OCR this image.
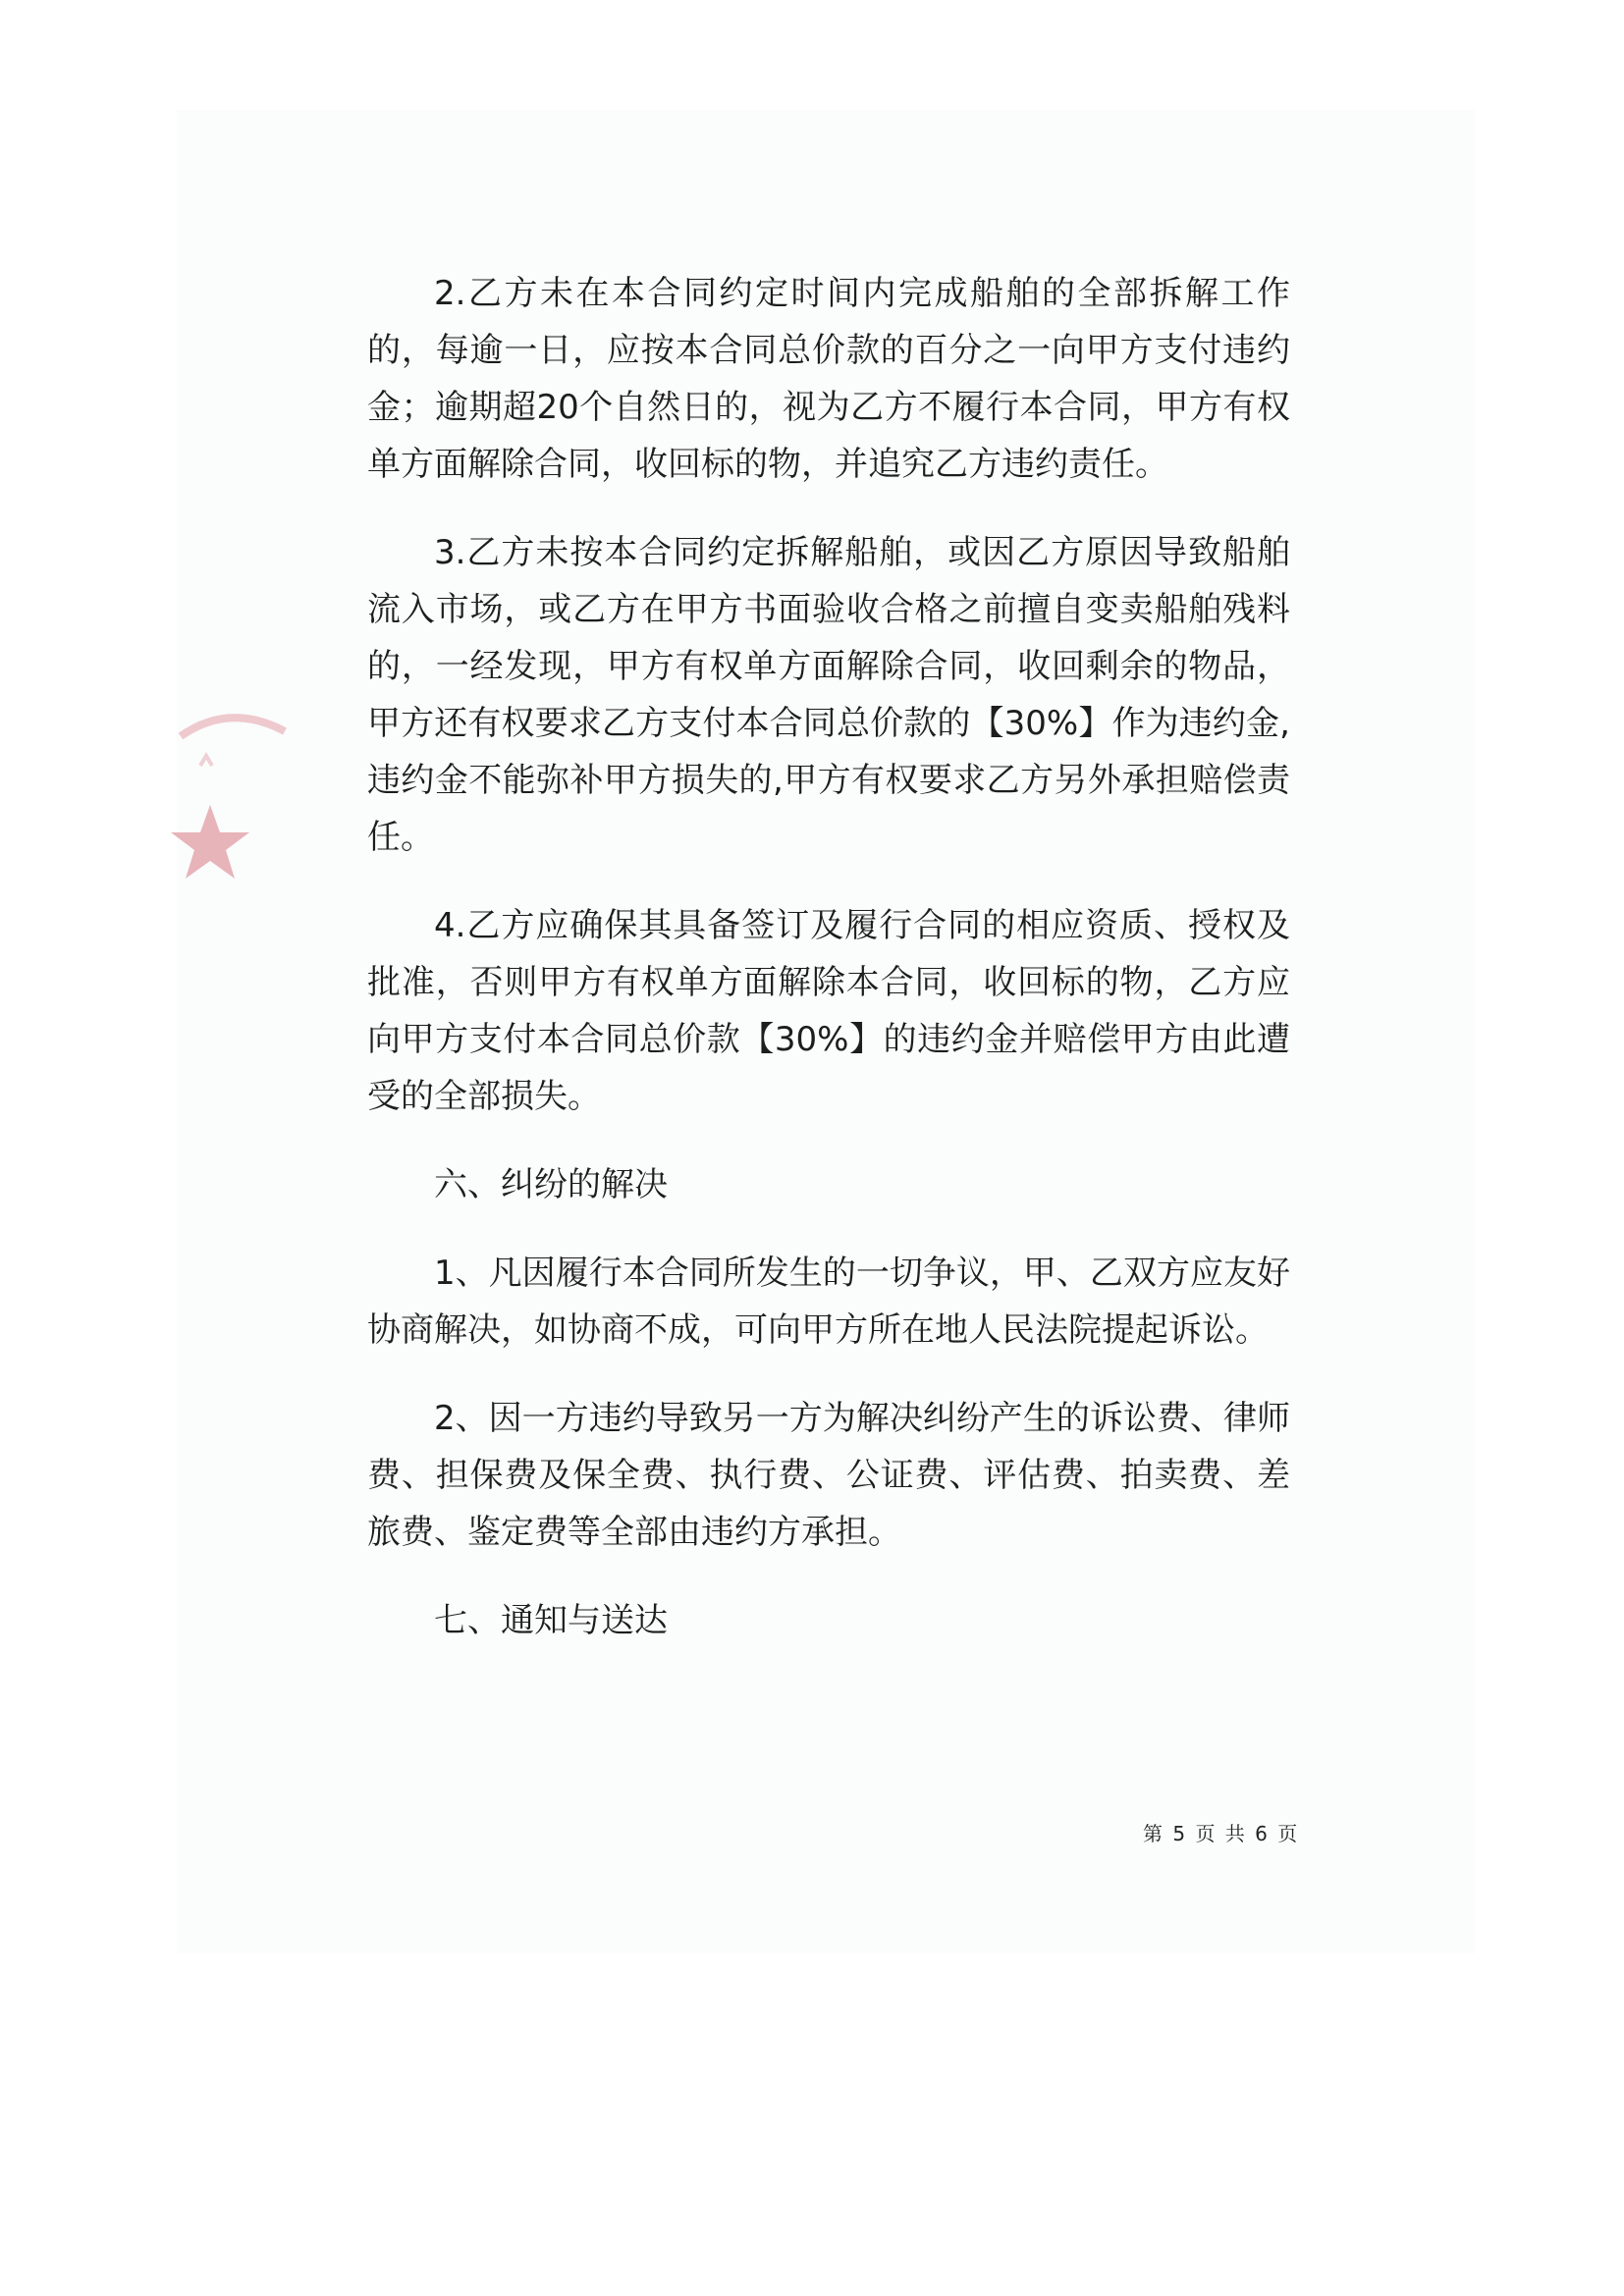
2.乙方未在本合同约定时间内完成船舶的全部拆解工作的，每逾一日，应按本合同总价款的百分之一向甲方支付违约金；逾期超20个自然日的，视为乙方不履行本合同，甲方有权单方面解除合同，收回标的物，并追究乙方违约责任。

3.乙方未按本合同约定拆解船舶，或因乙方原因导致船舶流入市场，或乙方在甲方书面验收合格之前擅自变卖船舶残料的，一经发现，甲方有权单方面解除合同，收回剩余的物品，甲方还有权要求乙方支付本合同总价款的【30%】作为违约金,违约金不能弥补甲方损失的,甲方有权要求乙方另外承担赔偿责任。

4.乙方应确保其具备签订及履行合同的相应资质、授权及批准，否则甲方有权单方面解除本合同，收回标的物，乙方应向甲方支付本合同总价款【30%】的违约金并赔偿甲方由此遭受的全部损失。

六、纠纷的解决

1、凡因履行本合同所发生的一切争议，甲、乙双方应友好协商解决，如协商不成，可向甲方所在地人民法院提起诉讼。

2、因一方违约导致另一方为解决纠纷产生的诉讼费、律师费、担保费及保全费、执行费、公证费、评估费、拍卖费、差旅费、鉴定费等全部由违约方承担。

七、通知与送达

第 5 页 共 6 页
